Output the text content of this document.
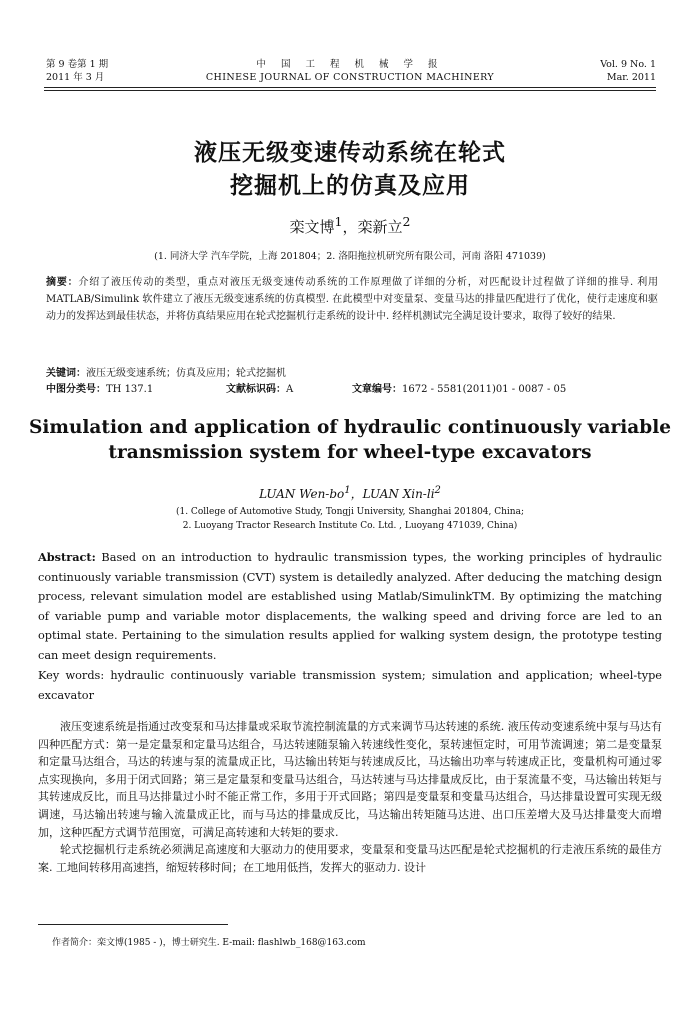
第 9 卷第 1 期
2011 年 3 月
中 国 工 程 机 械 学 报
CHINESE JOURNAL OF CONSTRUCTION MACHINERY
Vol. 9 No. 1
Mar. 2011
液压无级变速传动系统在轮式
挖掘机上的仿真及应用
栾文博$^1$，栾新立$^2$
(1. 同济大学 汽车学院，上海 201804；2. 洛阳拖拉机研究所有限公司，河南 洛阳 471039)
摘要：介绍了液压传动的类型，重点对液压无级变速传动系统的工作原理做了详细的分析，对匹配设计过程做了详细的推导. 利用 MATLAB/Simulink 软件建立了液压无级变速系统的仿真模型. 在此模型中对变量泵、变量马达的排量匹配进行了优化，使行走速度和驱动力的发挥达到最佳状态，并将仿真结果应用在轮式挖掘机行走系统的设计中. 经样机测试完全满足设计要求，取得了较好的结果.
关键词：液压无级变速系统；仿真及应用；轮式挖掘机
中图分类号：TH 137.1	文献标识码：A	文章编号：1672 - 5581(2011)01 - 0087 - 05
Simulation and application of hydraulic continuously variable
transmission system for wheel-type excavators
LUAN Wen-$bo^1$，LUAN Xin-$li^2$
(1. College of Automotive Study, Tongji University, Shanghai 201804, China;
2. Luoyang Tractor Research Institute Co. Ltd. , Luoyang 471039, China)
Abstract: Based on an introduction to hydraulic transmission types, the working principles of hydraulic continuously variable transmission (CVT) system is detailedly analyzed. After deducing the matching design process, relevant simulation model are established using Matlab/SimulinkTM. By optimizing the matching of variable pump and variable motor displacements, the walking speed and driving force are led to an optimal state. Pertaining to the simulation results applied for walking system design, the prototype testing can meet design requirements.
Key words: hydraulic continuously variable transmission system; simulation and application; wheel-type excavator

液压变速系统是指通过改变泵和马达排量或采取节流控制流量的方式来调节马达转速的系统. 液压传动变速系统中泵与马达有四种匹配方式：第一是定量泵和定量马达组合，马达转速随泵输入转速线性变化，泵转速恒定时，可用节流调速；第二是变量泵和定量马达组合，马达的转速与泵的流量成正比，马达输出转矩与转速成反比，马达输出功率与转速成正比，变量机构可通过零点实现换向，多用于闭式回路；第三是定量泵和变量马达组合，马达转速与马达排量成反比，由于泵流量不变，马达输出转矩与其转速成反比，而且马达排量过小时不能正常工作，多用于开式回路；第四是变量泵和变量马达组合，马达排量设置可实现无级调速，马达输出转速与输入流量成正比，而与马达的排量成反比，马达输出转矩随马达进、出口压差增大及马达排量变大而增加，这种匹配方式调节范围宽，可满足高转速和大转矩的要求.

轮式挖掘机行走系统必须满足高速度和大驱动力的使用要求，变量泵和变量马达匹配是轮式挖掘机的行走液压系统的最佳方案. 工地间转移用高速挡，缩短转移时间；在工地用低挡，发挥大的驱动力. 设计

作者简介：栾文博(1985 - )，博士研究生. E-mail: flashlwb_168@163.com
